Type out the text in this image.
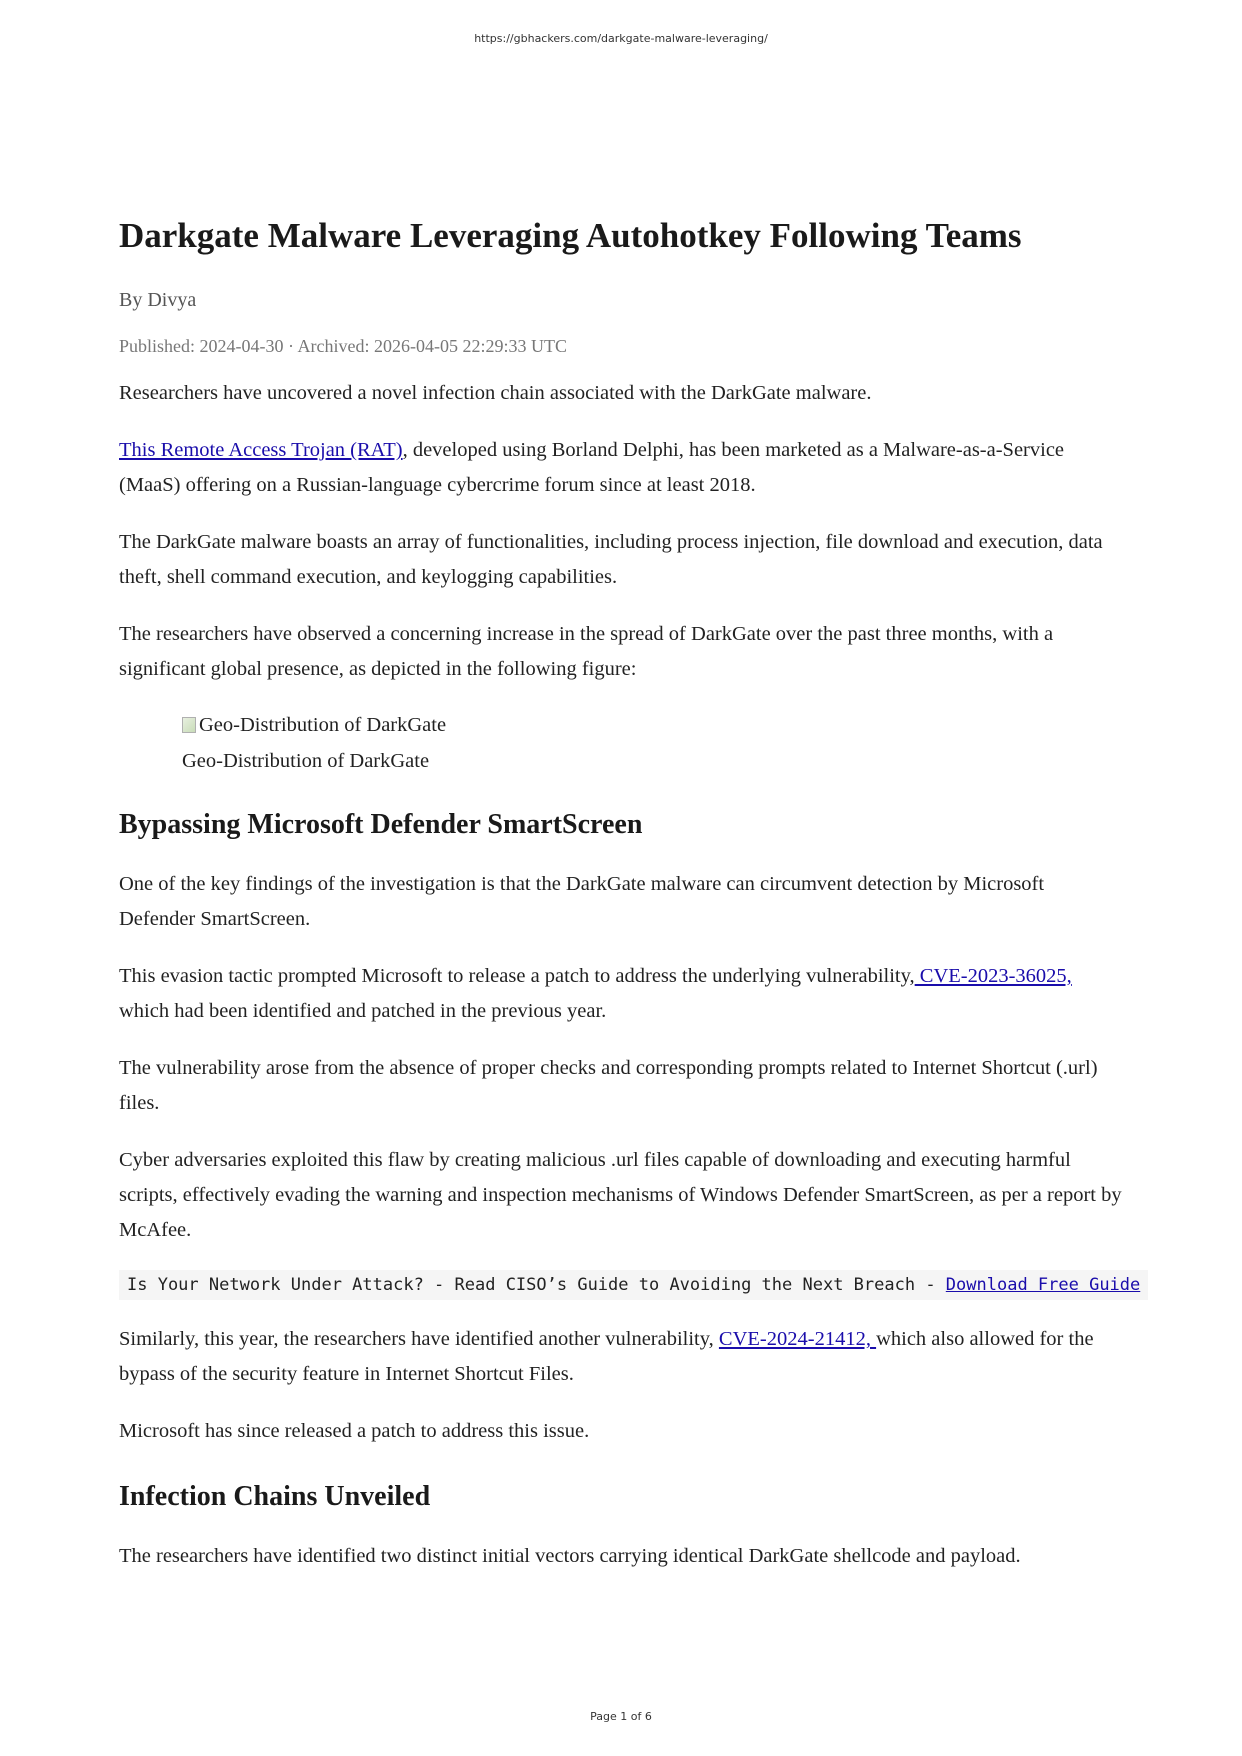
https://gbhackers.com/darkgate-malware-leveraging/
Darkgate Malware Leveraging Autohotkey Following Teams
By Divya
Published: 2024-04-30 · Archived: 2026-04-05 22:29:33 UTC

Researchers have uncovered a novel infection chain associated with the DarkGate malware.

This Remote Access Trojan (RAT), developed using Borland Delphi, has been marketed as a Malware-as-a-Service (MaaS) offering on a Russian-language cybercrime forum since at least 2018.

The DarkGate malware boasts an array of functionalities, including process injection, file download and execution, data theft, shell command execution, and keylogging capabilities.

The researchers have observed a concerning increase in the spread of DarkGate over the past three months, with a significant global presence, as depicted in the following figure:

Geo-Distribution of DarkGate
Geo-Distribution of DarkGate
Bypassing Microsoft Defender SmartScreen

One of the key findings of the investigation is that the DarkGate malware can circumvent detection by Microsoft Defender SmartScreen.

This evasion tactic prompted Microsoft to release a patch to address the underlying vulnerability, CVE-2023-36025, which had been identified and patched in the previous year.

The vulnerability arose from the absence of proper checks and corresponding prompts related to Internet Shortcut (.url) files.

Cyber adversaries exploited this flaw by creating malicious .url files capable of downloading and executing harmful scripts, effectively evading the warning and inspection mechanisms of Windows Defender SmartScreen, as per a report by McAfee.

Is Your Network Under Attack? - Read CISO’s Guide to Avoiding the Next Breach - Download Free Guide

Similarly, this year, the researchers have identified another vulnerability, CVE-2024-21412, which also allowed for the bypass of the security feature in Internet Shortcut Files.

Microsoft has since released a patch to address this issue.

Infection Chains Unveiled

The researchers have identified two distinct initial vectors carrying identical DarkGate shellcode and payload.

Page 1 of 6
